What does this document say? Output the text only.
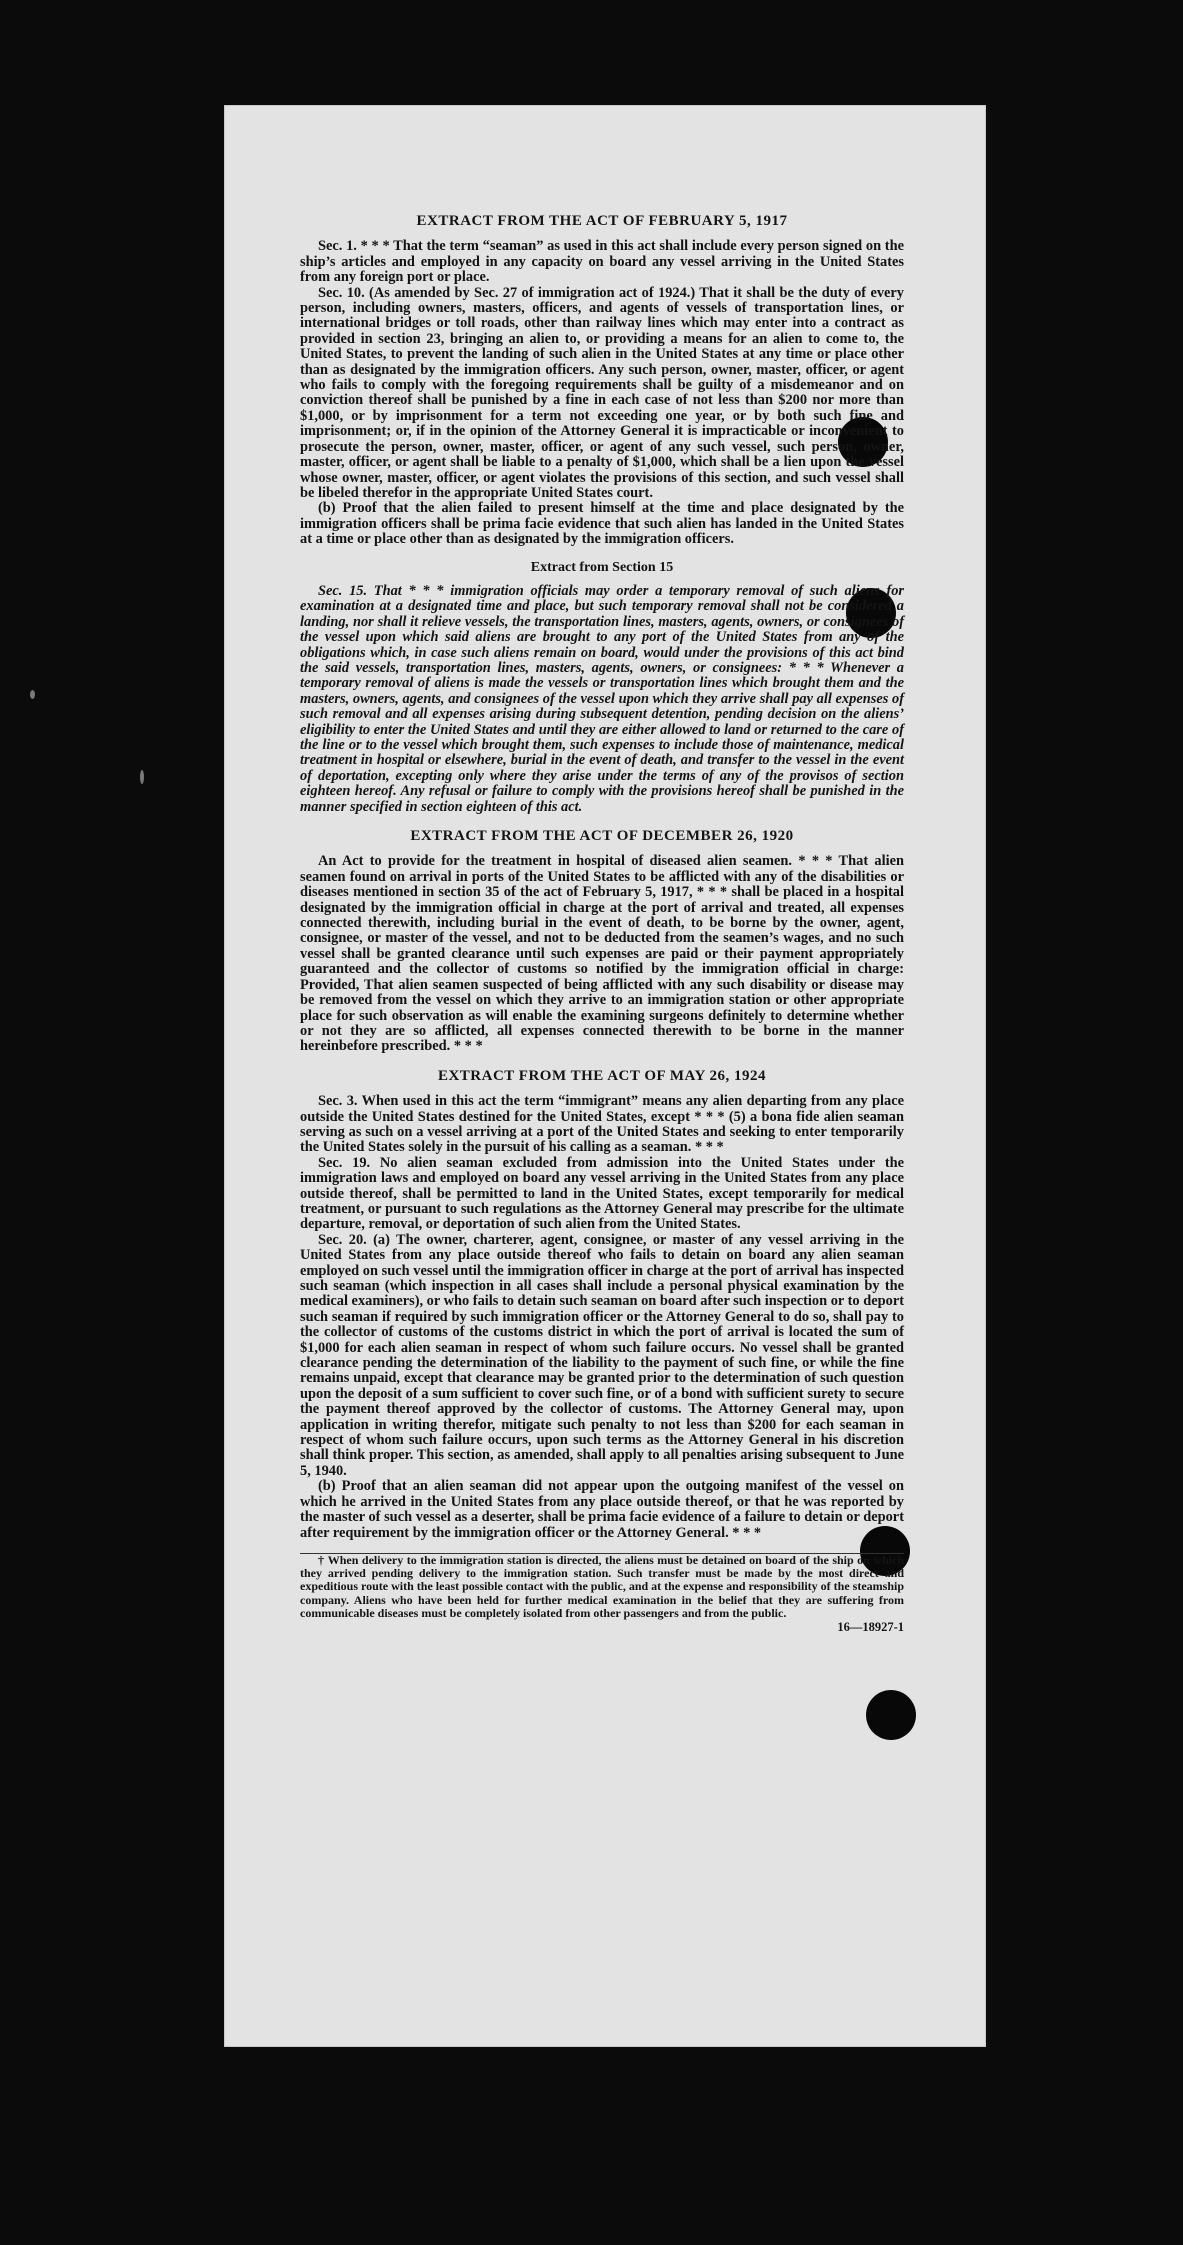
EXTRACT FROM THE ACT OF FEBRUARY 5, 1917

Sec. 1. * * * That the term “seaman” as used in this act shall include every person signed on the ship’s articles and employed in any capacity on board any vessel arriving in the United States from any foreign port or place.

Sec. 10. (As amended by Sec. 27 of immigration act of 1924.) That it shall be the duty of every person, including owners, masters, officers, and agents of vessels of transportation lines, or international bridges or toll roads, other than railway lines which may enter into a contract as provided in section 23, bringing an alien to, or providing a means for an alien to come to, the United States, to prevent the landing of such alien in the United States at any time or place other than as designated by the immigration officers. Any such person, owner, master, officer, or agent who fails to comply with the foregoing requirements shall be guilty of a misdemeanor and on conviction thereof shall be punished by a fine in each case of not less than $200 nor more than $1,000, or by imprisonment for a term not exceeding one year, or by both such fine and imprisonment; or, if in the opinion of the Attorney General it is impracticable or inconvenient to prosecute the person, owner, master, officer, or agent of any such vessel, such person, owner, master, officer, or agent shall be liable to a penalty of $1,000, which shall be a lien upon the vessel whose owner, master, officer, or agent violates the provisions of this section, and such vessel shall be libeled therefor in the appropriate United States court.

(b) Proof that the alien failed to present himself at the time and place designated by the immigration officers shall be prima facie evidence that such alien has landed in the United States at a time or place other than as designated by the immigration officers.

Extract from Section 15

Sec. 15. That * * * immigration officials may order a temporary removal of such aliens for examination at a designated time and place, but such temporary removal shall not be considered a landing, nor shall it relieve vessels, the transportation lines, masters, agents, owners, or consignees of the vessel upon which said aliens are brought to any port of the United States from any of the obligations which, in case such aliens remain on board, would under the provisions of this act bind the said vessels, transportation lines, masters, agents, owners, or consignees: * * * Whenever a temporary removal of aliens is made the vessels or transportation lines which brought them and the masters, owners, agents, and consignees of the vessel upon which they arrive shall pay all expenses of such removal and all expenses arising during subsequent detention, pending decision on the aliens’ eligibility to enter the United States and until they are either allowed to land or returned to the care of the line or to the vessel which brought them, such expenses to include those of maintenance, medical treatment in hospital or elsewhere, burial in the event of death, and transfer to the vessel in the event of deportation, excepting only where they arise under the terms of any of the provisos of section eighteen hereof. Any refusal or failure to comply with the provisions hereof shall be punished in the manner specified in section eighteen of this act.

EXTRACT FROM THE ACT OF DECEMBER 26, 1920

An Act to provide for the treatment in hospital of diseased alien seamen. * * * That alien seamen found on arrival in ports of the United States to be afflicted with any of the disabilities or diseases mentioned in section 35 of the act of February 5, 1917, * * * shall be placed in a hospital designated by the immigration official in charge at the port of arrival and treated, all expenses connected therewith, including burial in the event of death, to be borne by the owner, agent, consignee, or master of the vessel, and not to be deducted from the seamen’s wages, and no such vessel shall be granted clearance until such expenses are paid or their payment appropriately guaranteed and the collector of customs so notified by the immigration official in charge: Provided, That alien seamen suspected of being afflicted with any such disability or disease may be removed from the vessel on which they arrive to an immigration station or other appropriate place for such observation as will enable the examining surgeons definitely to determine whether or not they are so afflicted, all expenses connected therewith to be borne in the manner hereinbefore prescribed. * * *

EXTRACT FROM THE ACT OF MAY 26, 1924

Sec. 3. When used in this act the term “immigrant” means any alien departing from any place outside the United States destined for the United States, except * * * (5) a bona fide alien seaman serving as such on a vessel arriving at a port of the United States and seeking to enter temporarily the United States solely in the pursuit of his calling as a seaman. * * *

Sec. 19. No alien seaman excluded from admission into the United States under the immigration laws and employed on board any vessel arriving in the United States from any place outside thereof, shall be permitted to land in the United States, except temporarily for medical treatment, or pursuant to such regulations as the Attorney General may prescribe for the ultimate departure, removal, or deportation of such alien from the United States.

Sec. 20. (a) The owner, charterer, agent, consignee, or master of any vessel arriving in the United States from any place outside thereof who fails to detain on board any alien seaman employed on such vessel until the immigration officer in charge at the port of arrival has inspected such seaman (which inspection in all cases shall include a personal physical examination by the medical examiners), or who fails to detain such seaman on board after such inspection or to deport such seaman if required by such immigration officer or the Attorney General to do so, shall pay to the collector of customs of the customs district in which the port of arrival is located the sum of $1,000 for each alien seaman in respect of whom such failure occurs. No vessel shall be granted clearance pending the determination of the liability to the payment of such fine, or while the fine remains unpaid, except that clearance may be granted prior to the determination of such question upon the deposit of a sum sufficient to cover such fine, or of a bond with sufficient surety to secure the payment thereof approved by the collector of customs. The Attorney General may, upon application in writing therefor, mitigate such penalty to not less than $200 for each seaman in respect of whom such failure occurs, upon such terms as the Attorney General in his discretion shall think proper. This section, as amended, shall apply to all penalties arising subsequent to June 5, 1940.

(b) Proof that an alien seaman did not appear upon the outgoing manifest of the vessel on which he arrived in the United States from any place outside thereof, or that he was reported by the master of such vessel as a deserter, shall be prima facie evidence of a failure to detain or deport after requirement by the immigration officer or the Attorney General. * * *

† When delivery to the immigration station is directed, the aliens must be detained on board of the ship on which they arrived pending delivery to the immigration station. Such transfer must be made by the most direct and expeditious route with the least possible contact with the public, and at the expense and responsibility of the steamship company. Aliens who have been held for further medical examination in the belief that they are suffering from communicable diseases must be completely isolated from other passengers and from the public.

16—18927-1
